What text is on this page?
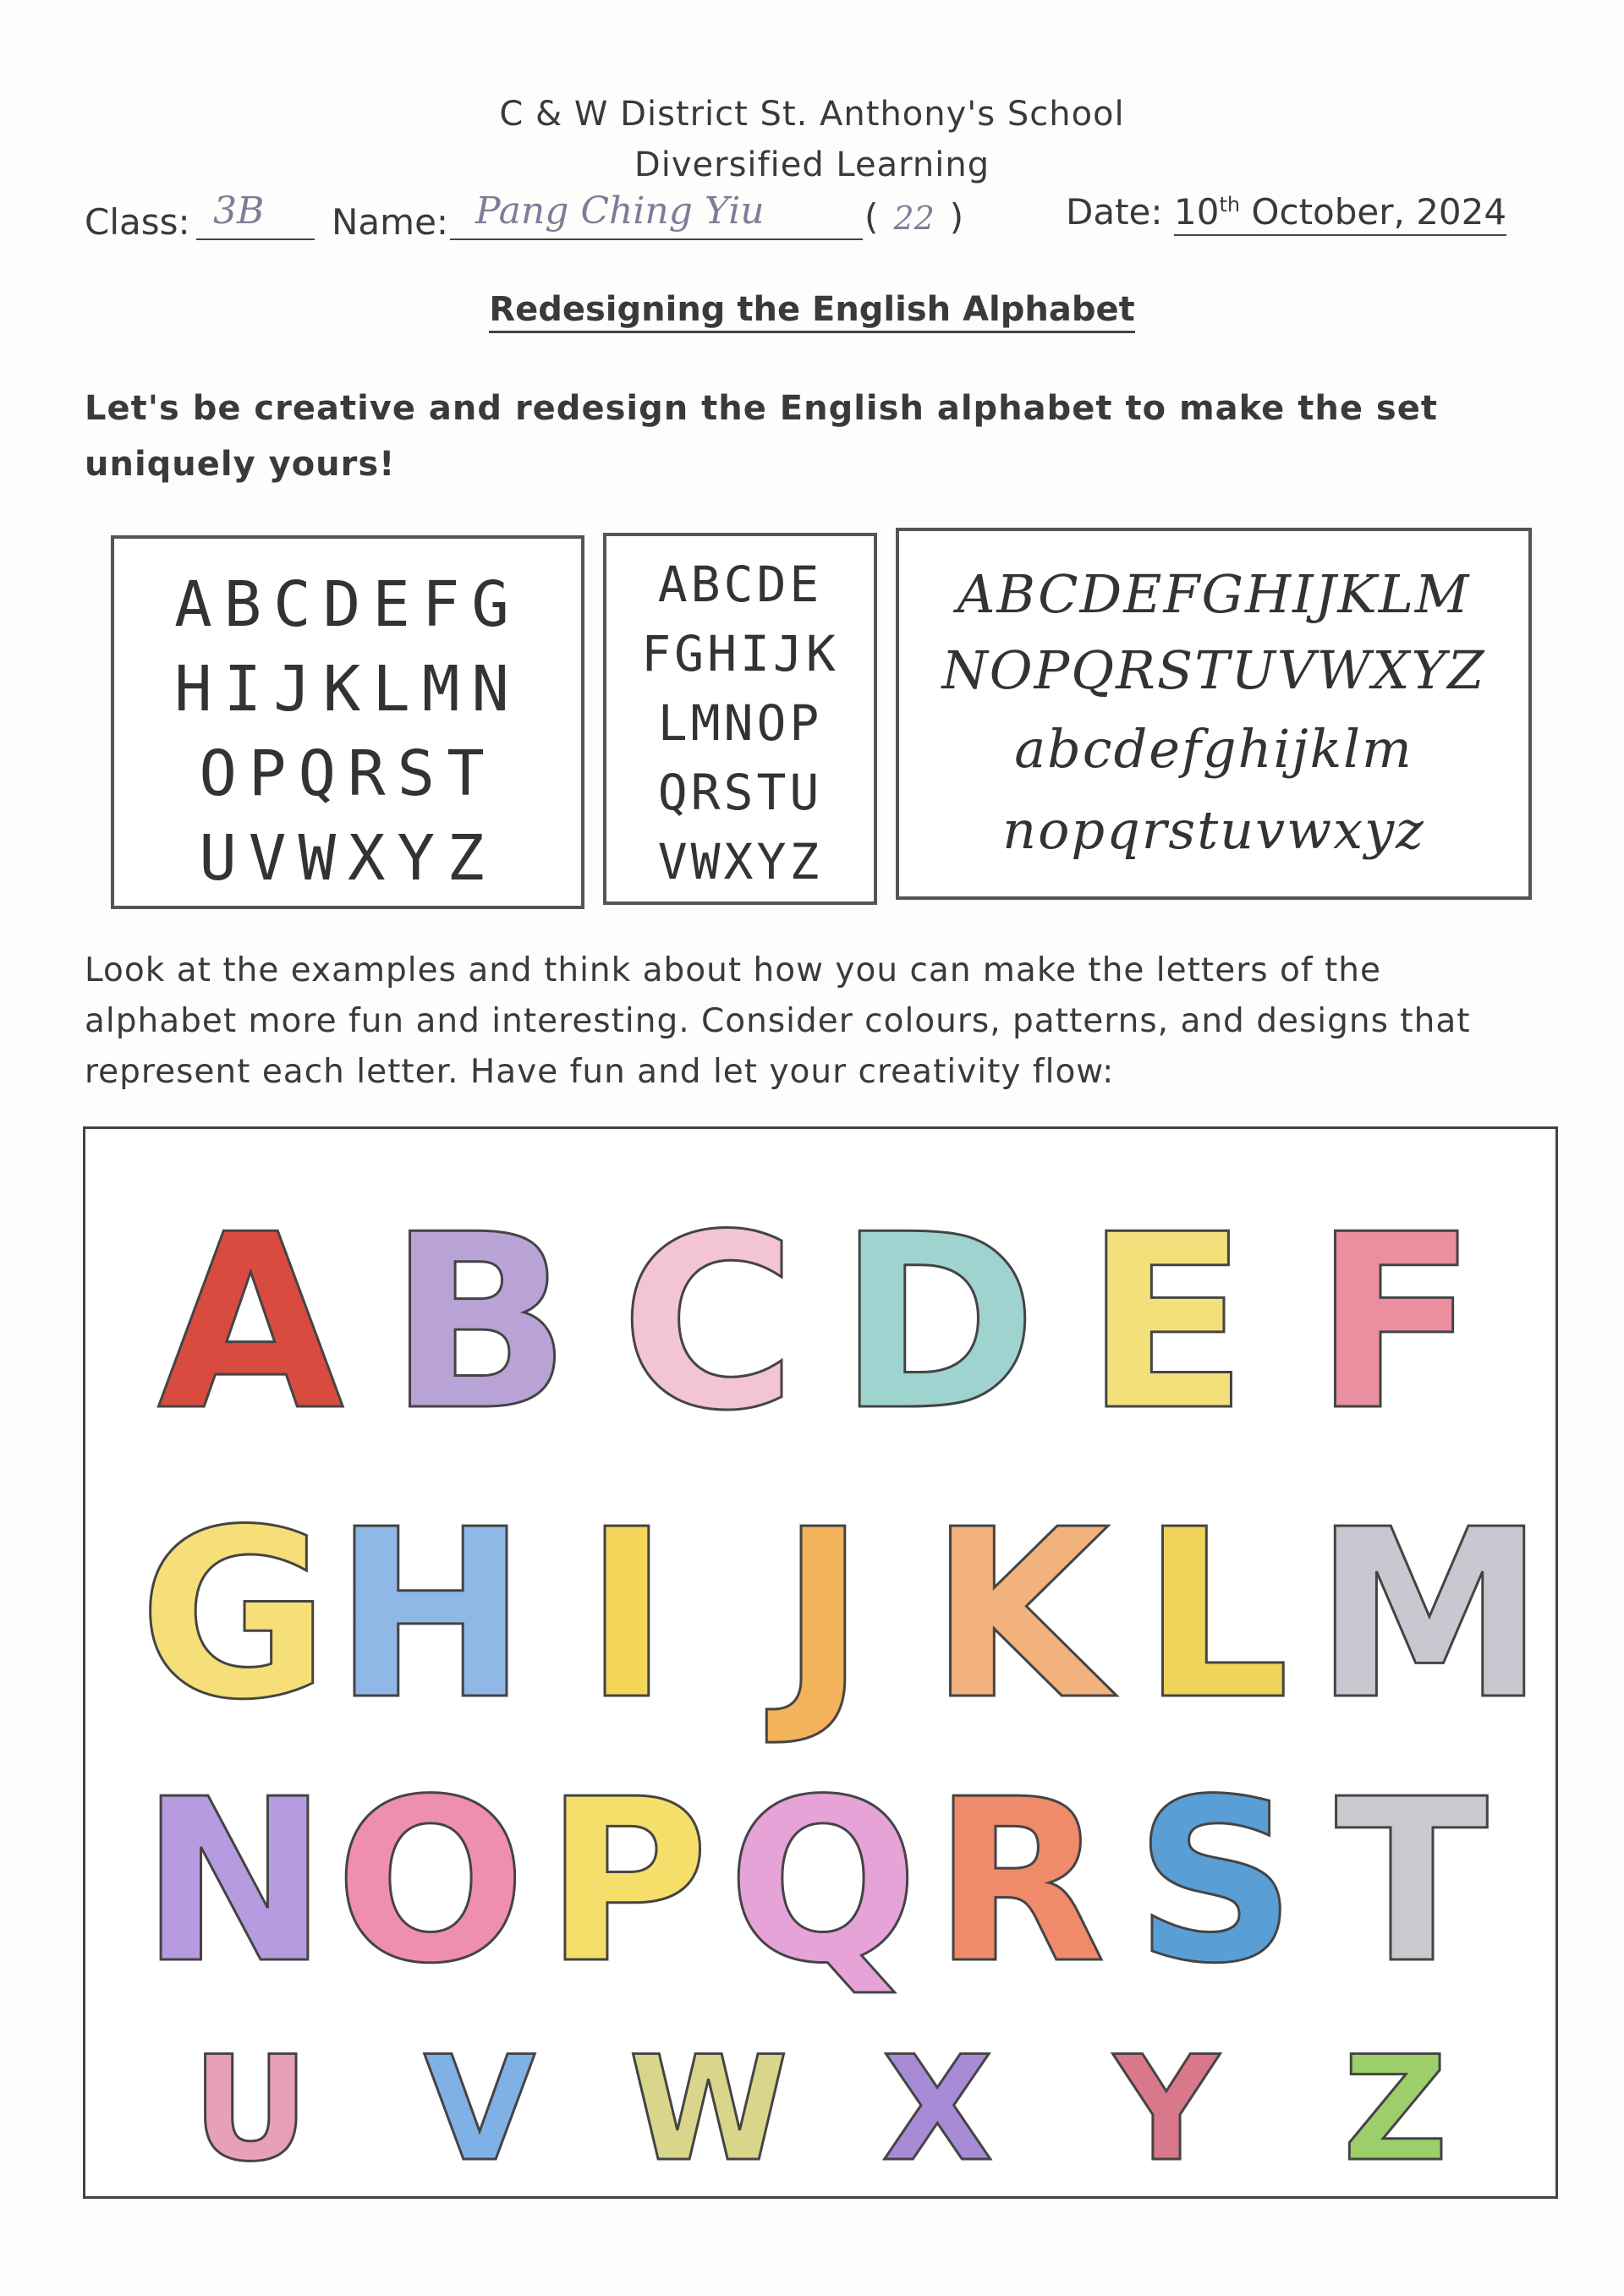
C & W District St. Anthony's School
Diversified Learning
Class: 3B Name: Pang Ching Yiu	( 22 )	Date: 10th October, 2024
Redesigning the English Alphabet
Let's be creative and redesign the English alphabet to make the set uniquely yours!
ABCDEFG
HIJKLMN
OPQRST
UVWXYZ
ABCDE
FGHIJK
LMNOP
QRSTU
VWXYZ
ABCDEFGHIJKLM
NOPQRSTUVWXYZ
abcdefghijklm
nopqrstuvwxyz
Look at the examples and think about how you can make the letters of the alphabet more fun and interesting. Consider colours, patterns, and designs that represent each letter. Have fun and let your creativity flow:
A B C D E F
G H I J K L M
N O P Q R S T
U V W X Y Z
